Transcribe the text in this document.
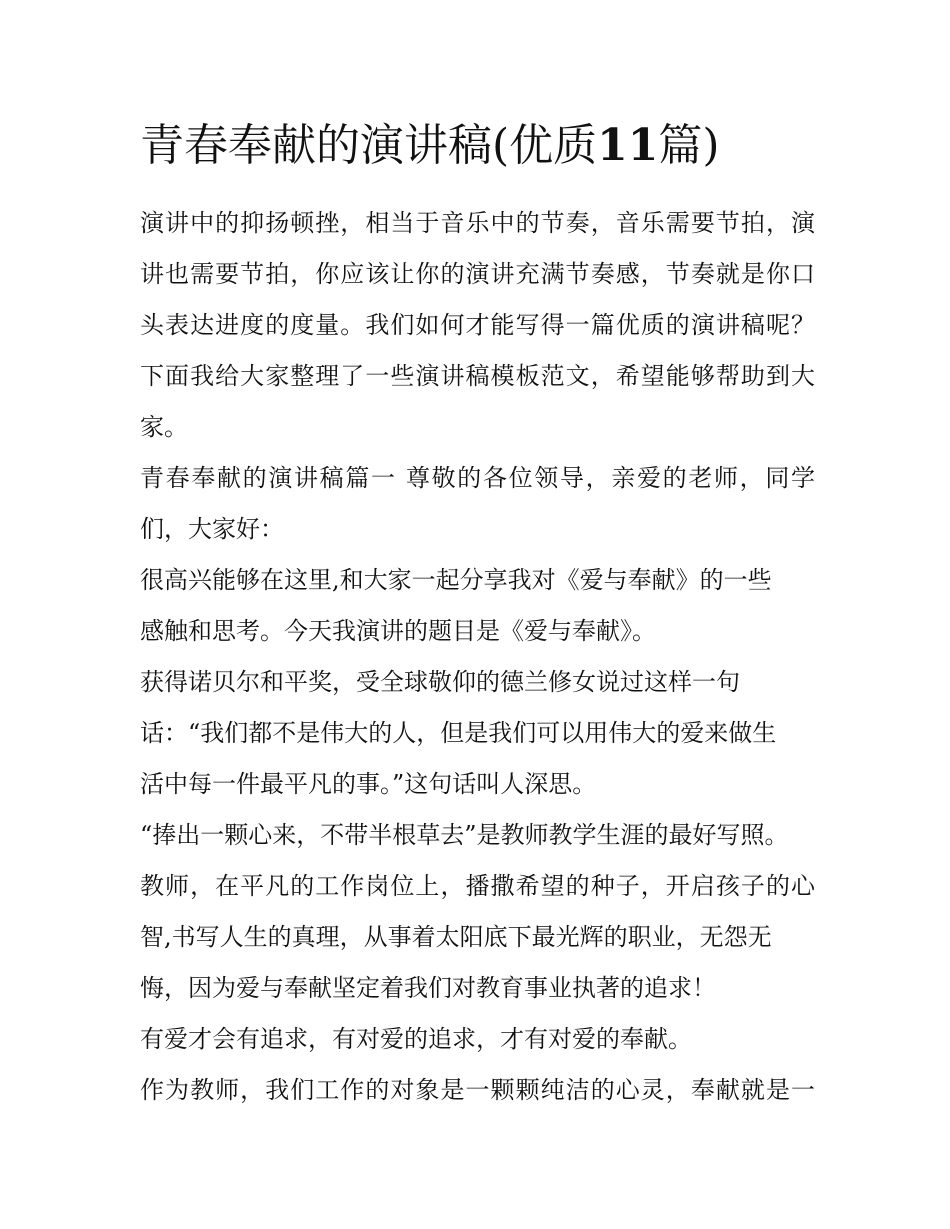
青春奉献的演讲稿(优质11篇)
演讲中的抑扬顿挫，相当于音乐中的节奏，音乐需要节拍，演
讲也需要节拍，你应该让你的演讲充满节奏感，节奏就是你口
头表达进度的度量。我们如何才能写得一篇优质的演讲稿呢？
下面我给大家整理了一些演讲稿模板范文，希望能够帮助到大
家。
青春奉献的演讲稿篇一 尊敬的各位领导，亲爱的老师，同学
们，大家好：
很高兴能够在这里,和大家一起分享我对《爱与奉献》的一些
感触和思考。今天我演讲的题目是《爱与奉献》。
获得诺贝尔和平奖，受全球敬仰的德兰修女说过这样一句
话：“我们都不是伟大的人，但是我们可以用伟大的爱来做生
活中每一件最平凡的事。”这句话叫人深思。
“捧出一颗心来，不带半根草去”是教师教学生涯的最好写照。
教师，在平凡的工作岗位上，播撒希望的种子，开启孩子的心
智,书写人生的真理，从事着太阳底下最光辉的职业，无怨无
悔，因为爱与奉献坚定着我们对教育事业执著的追求！
有爱才会有追求，有对爱的追求，才有对爱的奉献。
作为教师，我们工作的对象是一颗颗纯洁的心灵，奉献就是一
